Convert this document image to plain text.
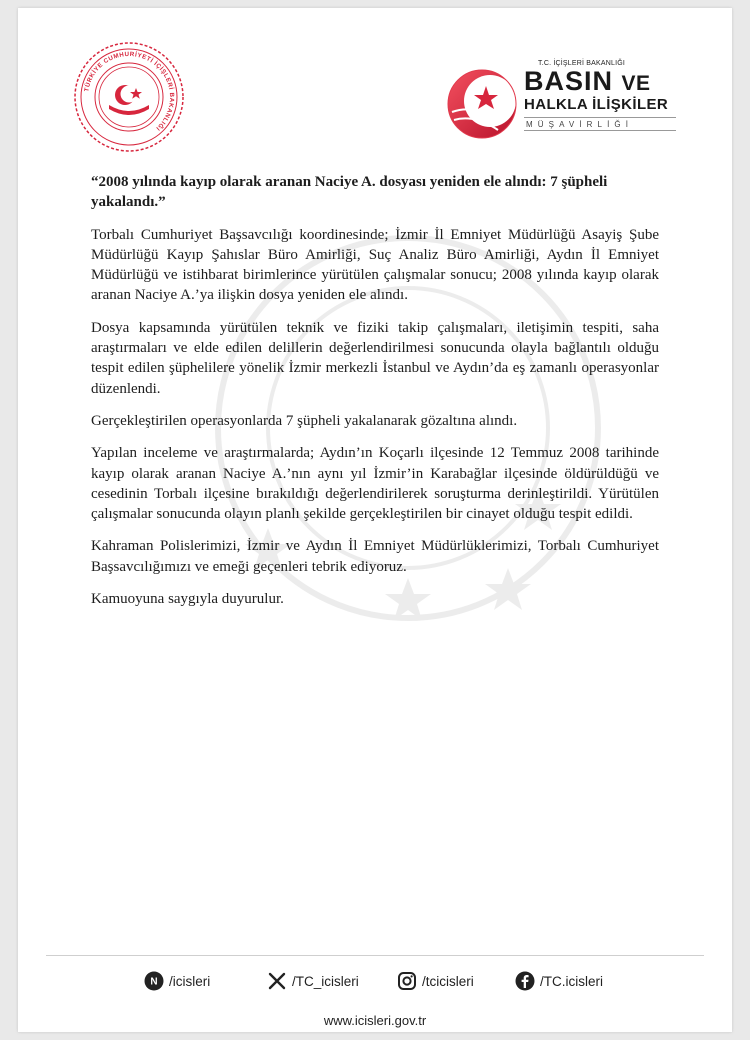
TÜRKİYE CUMHURİYETİ İÇİŞLERİ BAKANLIĞI
T.C. İÇİŞLERİ BAKANLIĞI
BASIN VE
HALKLA İLİŞKİLER
MÜŞAVİRLİĞİ

“2008 yılında kayıp olarak aranan Naciye A. dosyası yeniden ele alındı: 7 şüpheli yakalandı.”

Torbalı Cumhuriyet Başsavcılığı koordinesinde; İzmir İl Emniyet Müdürlüğü Asayiş Şube Müdürlüğü Kayıp Şahıslar Büro Amirliği, Suç Analiz Büro Amirliği, Aydın İl Emniyet Müdürlüğü ve istihbarat birimlerince yürütülen çalışmalar sonucu; 2008 yılında kayıp olarak aranan Naciye A.’ya ilişkin dosya yeniden ele alındı.

Dosya kapsamında yürütülen teknik ve fiziki takip çalışmaları, iletişimin tespiti, saha araştırmaları ve elde edilen delillerin değerlendirilmesi sonucunda olayla bağlantılı olduğu tespit edilen şüphelilere yönelik İzmir merkezli İstanbul ve Aydın’da eş zamanlı operasyonlar düzenlendi.

Gerçekleştirilen operasyonlarda 7 şüpheli yakalanarak gözaltına alındı.

Yapılan inceleme ve araştırmalarda; Aydın’ın Koçarlı ilçesinde 12 Temmuz 2008 tarihinde kayıp olarak aranan Naciye A.’nın aynı yıl İzmir’in Karabağlar ilçesinde öldürüldüğü ve cesedinin Torbalı ilçesine bırakıldığı değerlendirilerek soruşturma derinleştirildi. Yürütülen çalışmalar sonucunda olayın planlı şekilde gerçekleştirilen bir cinayet olduğu tespit edildi.

Kahraman Polislerimizi, İzmir ve Aydın İl Emniyet Müdürlüklerimizi, Torbalı Cumhuriyet Başsavcılığımızı ve emeği geçenleri tebrik ediyoruz.

Kamuoyuna saygıyla duyurulur.

N /icisleri	/TC_icisleri	/tcicisleri	/TC.icisleri
www.icisleri.gov.tr
